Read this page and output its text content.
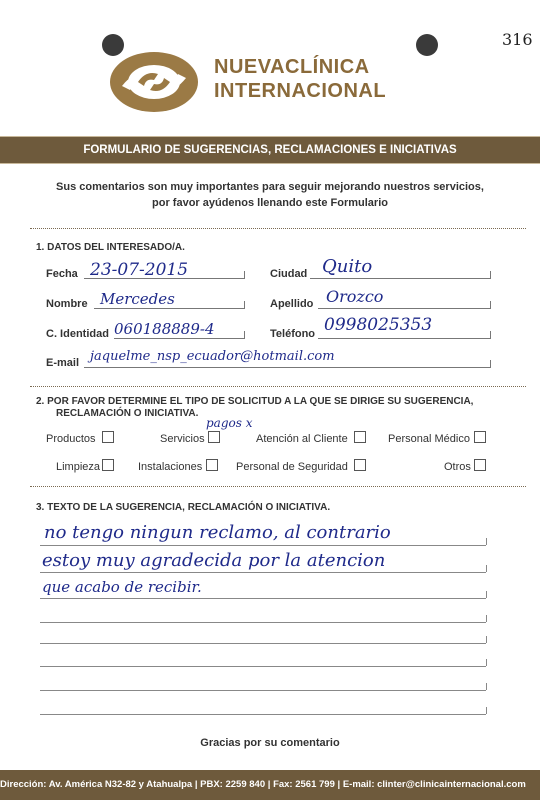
316
NUEVACLÍNICA
INTERNACIONAL
FORMULARIO DE SUGERENCIAS, RECLAMACIONES E INICIATIVAS
Sus comentarios son muy importantes para seguir mejorando nuestros servicios,
por favor ayúdenos llenando este Formulario
1. DATOS DEL INTERESADO/A.
Fecha 23-07-2015	Ciudad Quito
Nombre Mercedes	Apellido Orozco
C. Identidad 060188889-4	Teléfono 0998025353
E-mail jaquelme_nsp_ecuador@hotmail.com
2. POR FAVOR DETERMINE EL TIPO DE SOLICITUD A LA QUE SE DIRIGE SU SUGERENCIA,
RECLAMACIÓN O INICIATIVA.
pagos x
Productos	Servicios	Atención al Cliente	Personal Médico
Limpieza	Instalaciones	Personal de Seguridad	Otros
3. TEXTO DE LA SUGERENCIA, RECLAMACIÓN O INICIATIVA.
no tengo ningun reclamo, al contrario
estoy muy agradecida por la atencion
que acabo de recibir.
Gracias por su comentario
Dirección: Av. América N32-82 y Atahualpa | PBX: 2259 840 | Fax: 2561 799 | E-mail: clinter@clinicainternacional.com
